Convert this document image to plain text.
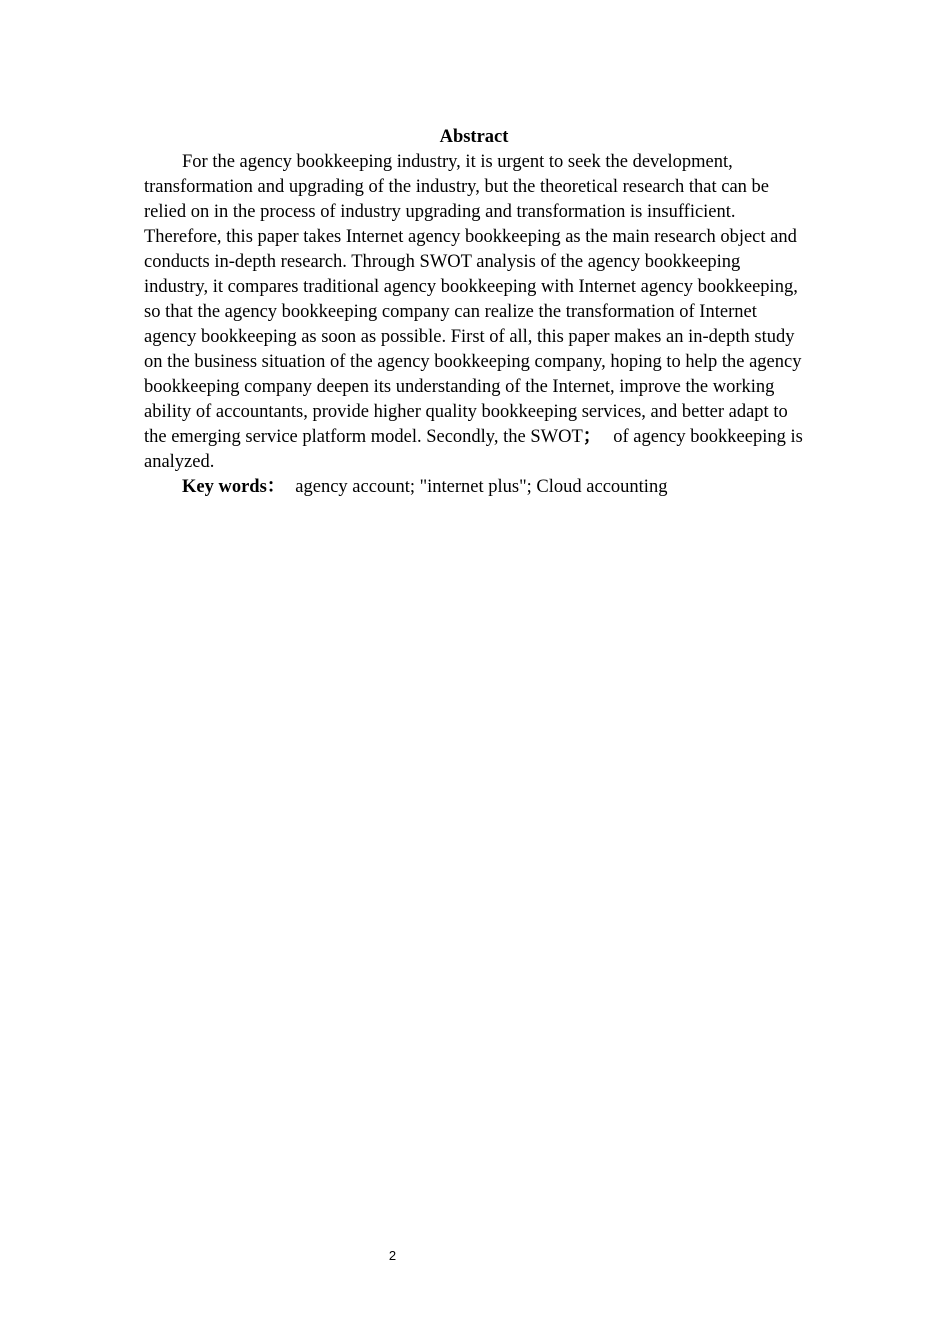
Abstract

For the agency bookkeeping industry, it is urgent to seek the development, transformation and upgrading of the industry, but the theoretical research that can be relied on in the process of industry upgrading and transformation is insufficient. Therefore, this paper takes Internet agency bookkeeping as the main research object and conducts in-depth research. Through SWOT analysis of the agency bookkeeping industry, it compares traditional agency bookkeeping with Internet agency bookkeeping, so that the agency bookkeeping company can realize the transformation of Internet agency bookkeeping as soon as possible. First of all, this paper makes an in-depth study on the business situation of the agency bookkeeping company, hoping to help the agency bookkeeping company deepen its understanding of the Internet, improve the working ability of accountants, provide higher quality bookkeeping services, and better adapt to the emerging service platform model. Secondly, the SWOT； of agency bookkeeping is analyzed.

Key words： agency account; "internet plus"; Cloud accounting

2
